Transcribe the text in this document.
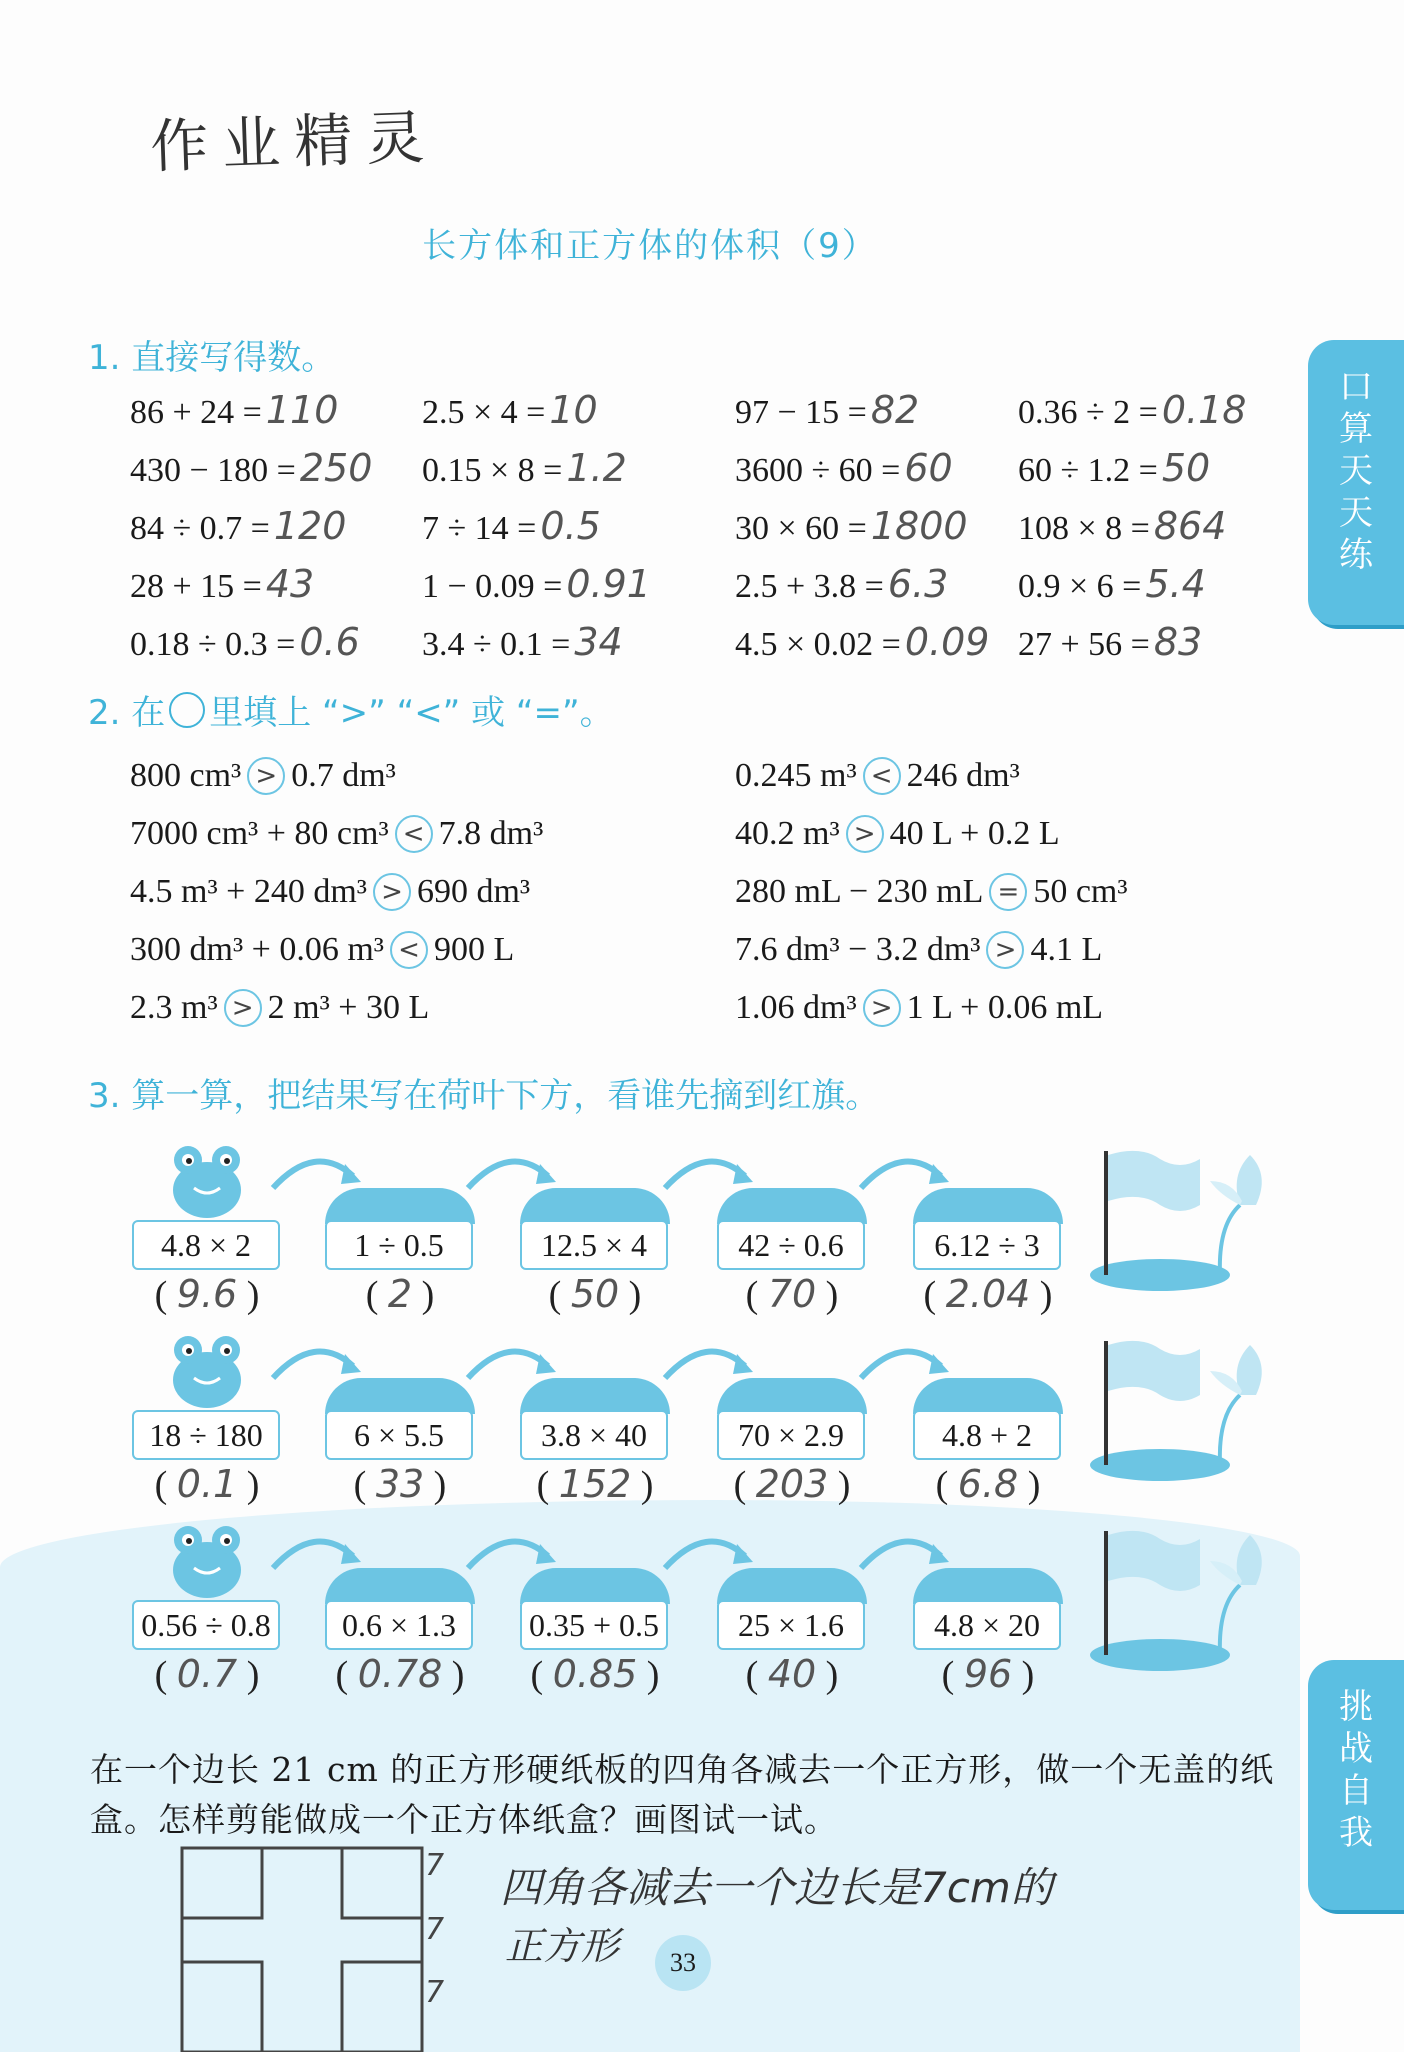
作业精灵
长方体和正方体的体积（9）
口
算
天
天
练
挑
战
自
我
1. 直接写得数。
2. 在 里填上 “>” “<” 或 “=”。
3. 算一算，把结果写在荷叶下方，看谁先摘到红旗。
在一个边长 21 cm 的正方形硬纸板的四角各减去一个正方形，做一个无盖的纸盒。怎样剪能做成一个正方体纸盒？画图试一试。
7
7
7
四角各减去一个边长是7cm的
正方形	33
86 + 24 = 110
430 − 180 = 250
84 ÷ 0.7 = 120
28 + 15 = 43
0.18 ÷ 0.3 = 0.6
2.5 × 4 = 10
0.15 × 8 = 1.2
7 ÷ 14 = 0.5
1 − 0.09 = 0.91
3.4 ÷ 0.1 = 34
97 − 15 = 82
3600 ÷ 60 = 60
30 × 60 = 1800
2.5 + 3.8 = 6.3
4.5 × 0.02 = 0.09
0.36 ÷ 2 = 0.18
60 ÷ 1.2 = 50
108 × 8 = 864
0.9 × 6 = 5.4
27 + 56 = 83
800 cm³ > 0.7 dm³
7000 cm³ + 80 cm³ < 7.8 dm³
4.5 m³ + 240 dm³ > 690 dm³
300 dm³ + 0.06 m³ < 900 L
2.3 m³ > 2 m³ + 30 L
0.245 m³ < 246 dm³
40.2 m³ > 40 L + 0.2 L
280 mL − 230 mL = 50 cm³
7.6 dm³ − 3.2 dm³ > 4.1 L
1.06 dm³ > 1 L + 0.06 mL
4.8 × 2
( 9.6 )
1 ÷ 0.5
( 2 )
12.5 × 4
( 50 )
42 ÷ 0.6
( 70 )
6.12 ÷ 3
( 2.04 )
18 ÷ 180
( 0.1 )
6 × 5.5
( 33 )
3.8 × 40
( 152 )
70 × 2.9
( 203 )
4.8 + 2
( 6.8 )
0.56 ÷ 0.8
( 0.7 )
0.6 × 1.3
( 0.78 )
0.35 + 0.5
( 0.85 )
25 × 1.6
( 40 )
4.8 × 20
( 96 )
